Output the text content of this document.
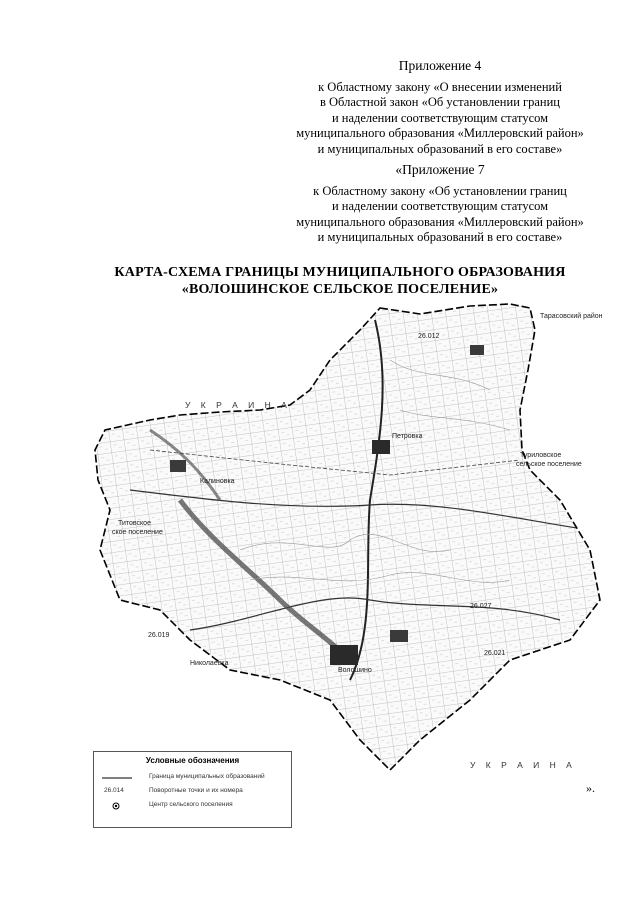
Приложение 4
к Областному закону «О внесении изменений
в Областной закон «Об установлении границ
и наделении соответствующим статусом
муниципального образования «Миллеровский район»
и муниципальных образований в его составе»
«Приложение 7
к Областному закону «Об установлении границ
и наделении соответствующим статусом
муниципального образования «Миллеровский район»
и муниципальных образований в его составе»
КАРТА-СХЕМА ГРАНИЦЫ МУНИЦИПАЛЬНОГО ОБРАЗОВАНИЯ
«ВОЛОШИНСКОЕ СЕЛЬСКОЕ ПОСЕЛЕНИЕ»
У К Р А И Н А
У К Р А И Н А
Тарасовский район
Туриловское
сельское поселение
Титовское
ское поселение
Петровка
Калиновка
Волошино
Николаевка
26.012
26.027
26.019
26.021
Условные обозначения
Граница муниципальных образований
26.014	Поворотные точки и их номера
Центр сельского поселения
».
